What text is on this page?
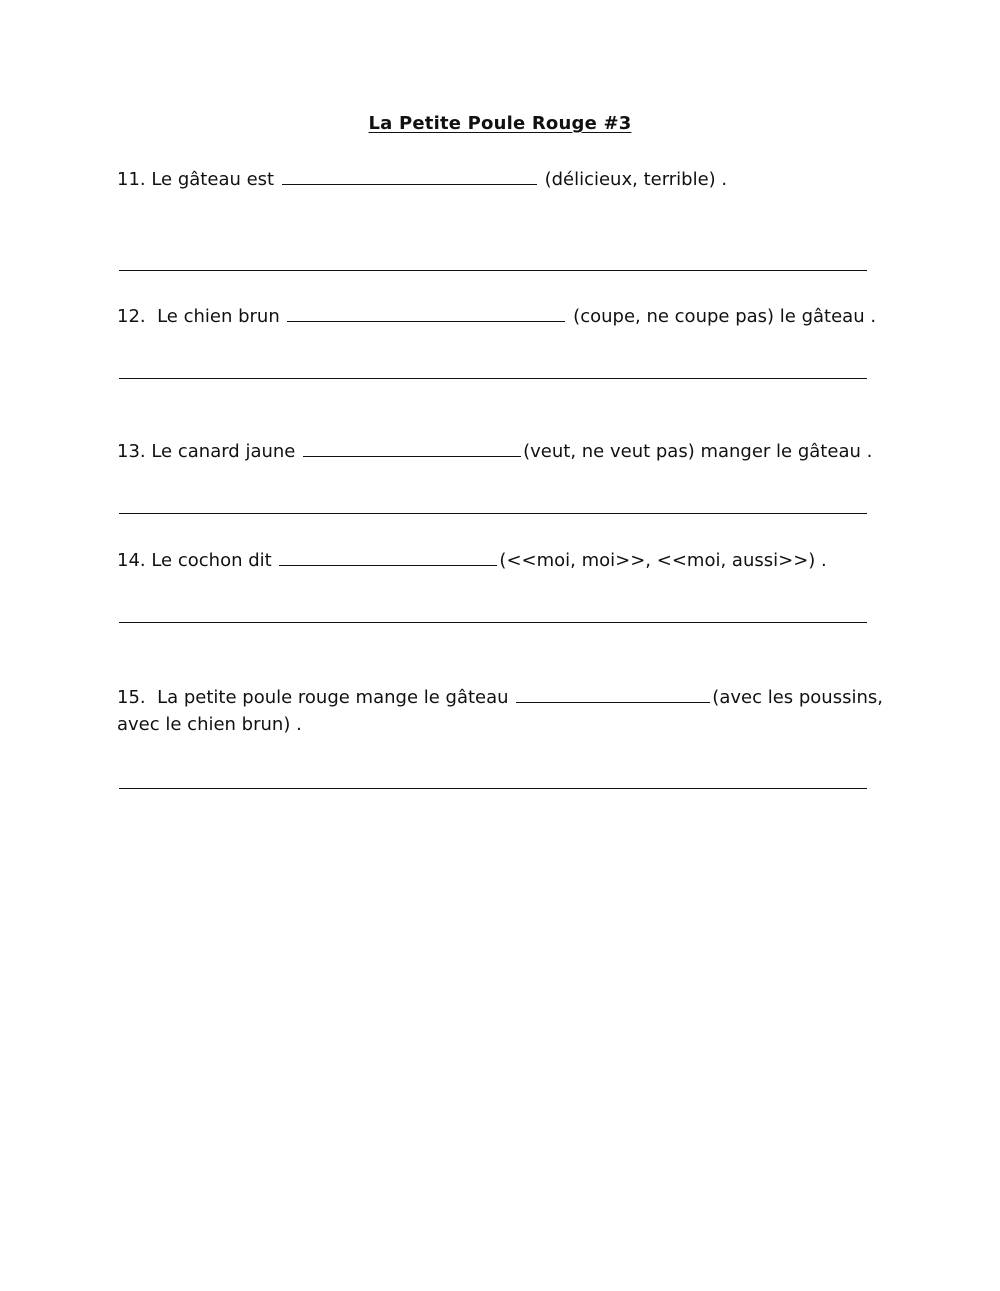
La Petite Poule Rouge #3
11. Le gâteau est	(délicieux, terrible) .
12.  Le chien brun	(coupe, ne coupe pas) le gâteau .
13. Le canard jaune	(veut, ne veut pas) manger le gâteau .
14. Le cochon dit	(<<moi, moi>>, <<moi, aussi>>) .
15.  La petite poule rouge mange le gâteau	(avec les poussins,
avec le chien brun) .
